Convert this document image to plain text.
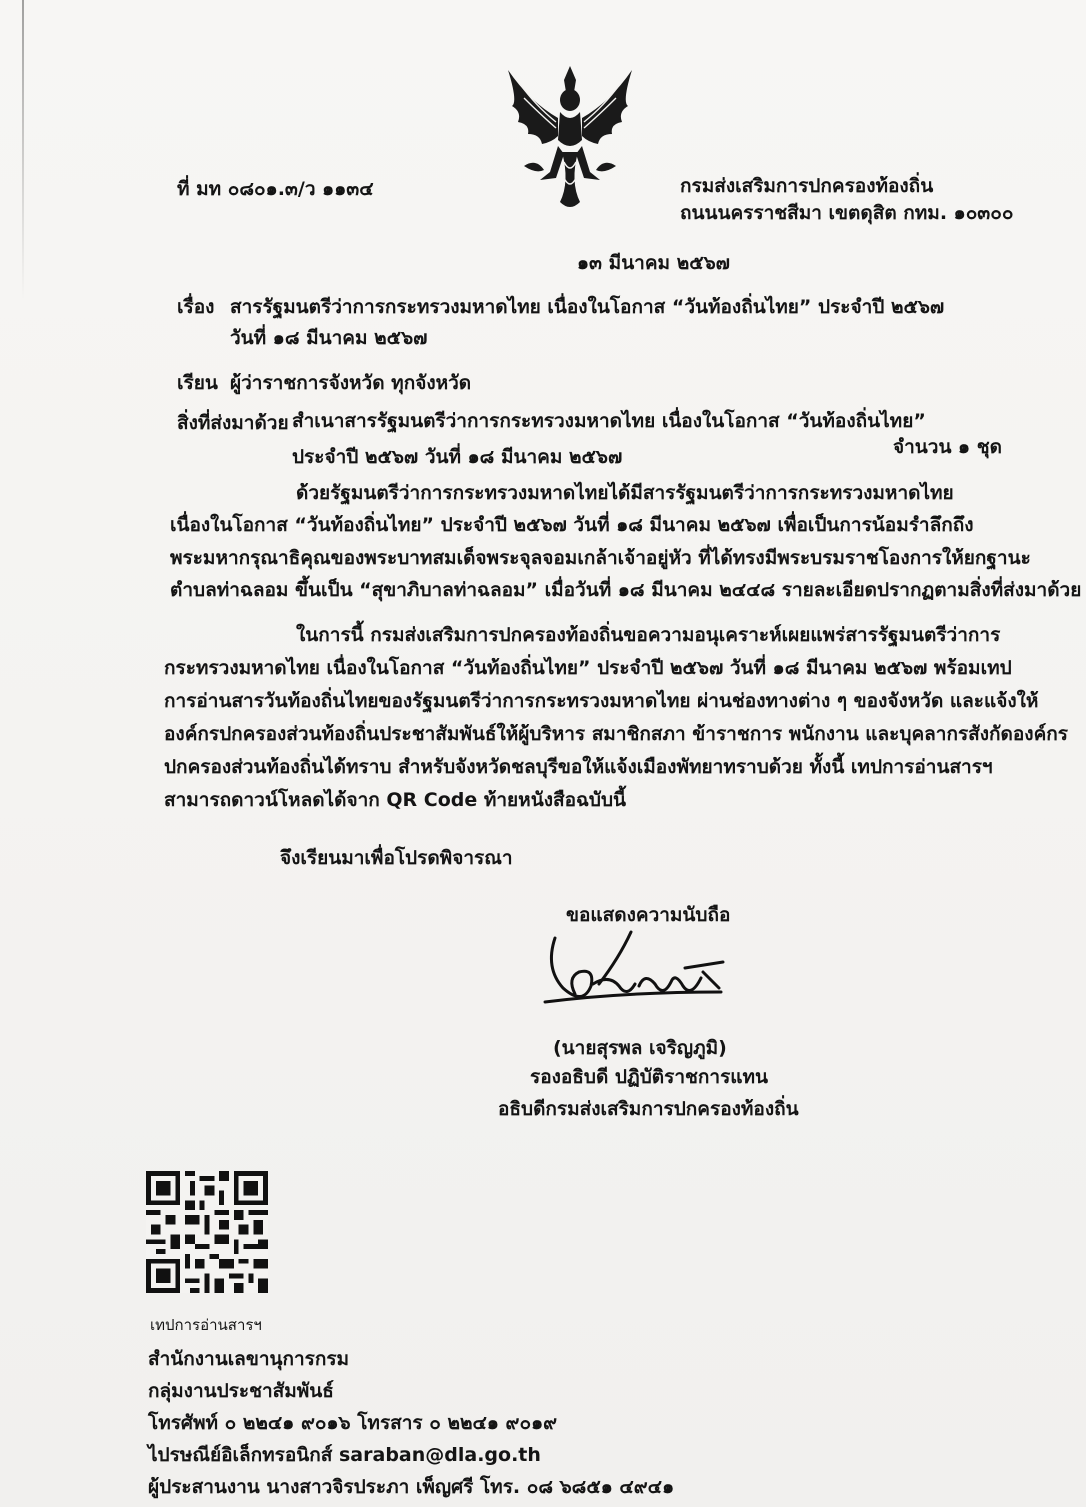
ที่ มท ๐๘๐๑.๓/ว ๑๑๓๔	กรมส่งเสริมการปกครองท้องถิ่น
ถนนนครราชสีมา เขตดุสิต กทม. ๑๐๓๐๐
๑๓ มีนาคม ๒๕๖๗
เรื่อง สารรัฐมนตรีว่าการกระทรวงมหาดไทย เนื่องในโอกาส “วันท้องถิ่นไทย” ประจำปี ๒๕๖๗
วันที่ ๑๘ มีนาคม ๒๕๖๗
เรียน ผู้ว่าราชการจังหวัด ทุกจังหวัด
สิ่งที่ส่งมาด้วย สำเนาสารรัฐมนตรีว่าการกระทรวงมหาดไทย เนื่องในโอกาส “วันท้องถิ่นไทย”
ประจำปี ๒๕๖๗ วันที่ ๑๘ มีนาคม ๒๕๖๗	จำนวน ๑ ชุด
ด้วยรัฐมนตรีว่าการกระทรวงมหาดไทยได้มีสารรัฐมนตรีว่าการกระทรวงมหาดไทย
เนื่องในโอกาส “วันท้องถิ่นไทย” ประจำปี ๒๕๖๗ วันที่ ๑๘ มีนาคม ๒๕๖๗ เพื่อเป็นการน้อมรำลึกถึง
พระมหากรุณาธิคุณของพระบาทสมเด็จพระจุลจอมเกล้าเจ้าอยู่หัว ที่ได้ทรงมีพระบรมราชโองการให้ยกฐานะ
ตำบลท่าฉลอม ขึ้นเป็น “สุขาภิบาลท่าฉลอม” เมื่อวันที่ ๑๘ มีนาคม ๒๔๔๘ รายละเอียดปรากฏตามสิ่งที่ส่งมาด้วย
ในการนี้ กรมส่งเสริมการปกครองท้องถิ่นขอความอนุเคราะห์เผยแพร่สารรัฐมนตรีว่าการ
กระทรวงมหาดไทย เนื่องในโอกาส “วันท้องถิ่นไทย” ประจำปี ๒๕๖๗ วันที่ ๑๘ มีนาคม ๒๕๖๗ พร้อมเทป
การอ่านสารวันท้องถิ่นไทยของรัฐมนตรีว่าการกระทรวงมหาดไทย ผ่านช่องทางต่าง ๆ ของจังหวัด และแจ้งให้
องค์กรปกครองส่วนท้องถิ่นประชาสัมพันธ์ให้ผู้บริหาร สมาชิกสภา ข้าราชการ พนักงาน และบุคลากรสังกัดองค์กร
ปกครองส่วนท้องถิ่นได้ทราบ สำหรับจังหวัดชลบุรีขอให้แจ้งเมืองพัทยาทราบด้วย ทั้งนี้ เทปการอ่านสารฯ
สามารถดาวน์โหลดได้จาก QR Code ท้ายหนังสือฉบับนี้
จึงเรียนมาเพื่อโปรดพิจารณา
ขอแสดงความนับถือ
(นายสุรพล เจริญภูมิ)
รองอธิบดี ปฏิบัติราชการแทน
อธิบดีกรมส่งเสริมการปกครองท้องถิ่น
เทปการอ่านสารฯ
สำนักงานเลขานุการกรม
กลุ่มงานประชาสัมพันธ์
โทรศัพท์ ๐ ๒๒๔๑ ๙๐๑๖ โทรสาร ๐ ๒๒๔๑ ๙๐๑๙
ไปรษณีย์อิเล็กทรอนิกส์ saraban@dla.go.th
ผู้ประสานงาน นางสาวจิรประภา เพ็ญศรี โทร. ๐๘ ๖๘๕๑ ๔๙๔๑
